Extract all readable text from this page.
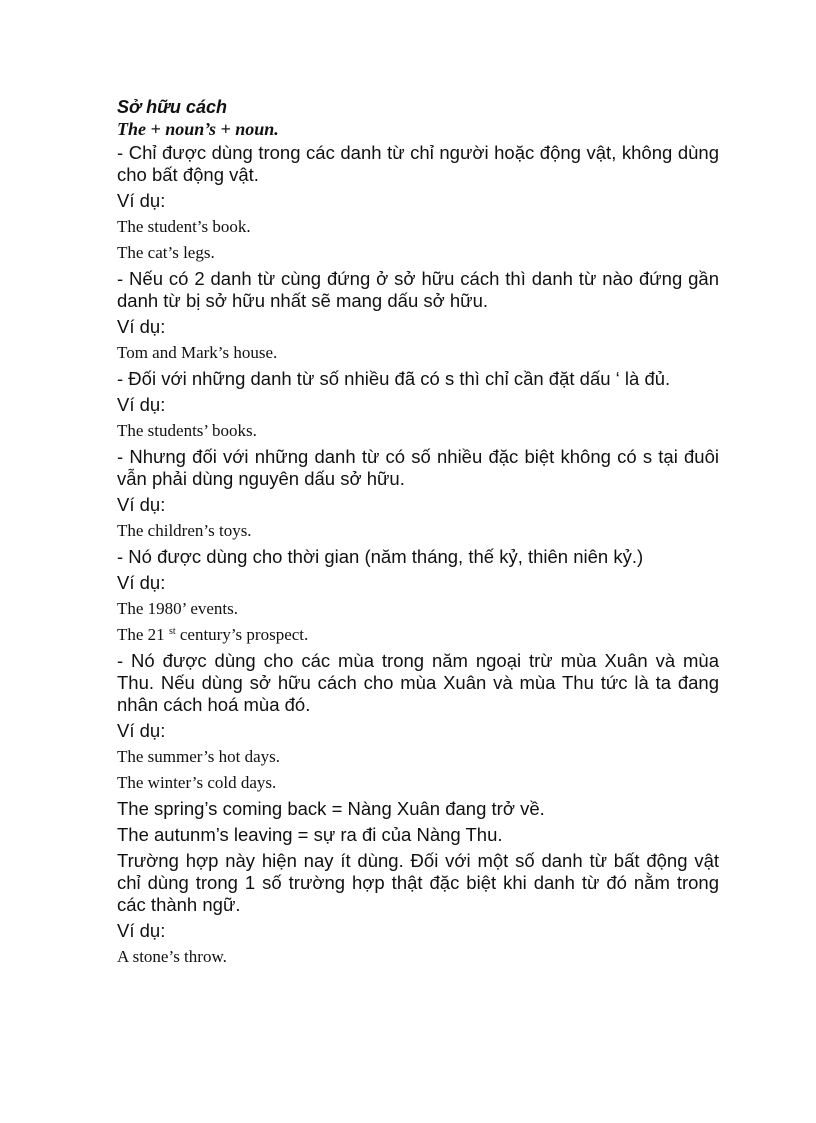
Sở hữu cách

The + noun’s + noun.

- Chỉ được dùng trong các danh từ chỉ người hoặc động vật, không dùng cho bất động vật.

Ví dụ:

The student’s book.

The cat’s legs.

- Nếu có 2 danh từ cùng đứng ở sở hữu cách thì danh từ nào đứng gần danh từ bị sở hữu nhất sẽ mang dấu sở hữu.

Ví dụ:

Tom and Mark’s house.

- Đối với những danh từ số nhiều đã có s thì chỉ cần đặt dấu ‘ là đủ.

Ví dụ:

The students’ books.

- Nhưng đối với những danh từ có số nhiều đặc biệt không có s tại đuôi vẫn phải dùng nguyên dấu sở hữu.

Ví dụ:

The children’s toys.

- Nó được dùng cho thời gian (năm tháng, thế kỷ, thiên niên kỷ.)

Ví dụ:

The 1980’ events.

The 21 $^{st}$ century’s prospect.

- Nó được dùng cho các mùa trong năm ngoại trừ mùa Xuân và mùa Thu. Nếu dùng sở hữu cách cho mùa Xuân và mùa Thu tức là ta đang nhân cách hoá mùa đó.

Ví dụ:

The summer’s hot days.

The winter’s cold days.

The spring’s coming back = Nàng Xuân đang trở về.

The autunm’s leaving = sự ra đi của Nàng Thu.

Trường hợp này hiện nay ít dùng. Đối với một số danh từ bất động vật chỉ dùng trong 1 số trường hợp thật đặc biệt khi danh từ đó nằm trong các thành ngữ.

Ví dụ:

A stone’s throw.
